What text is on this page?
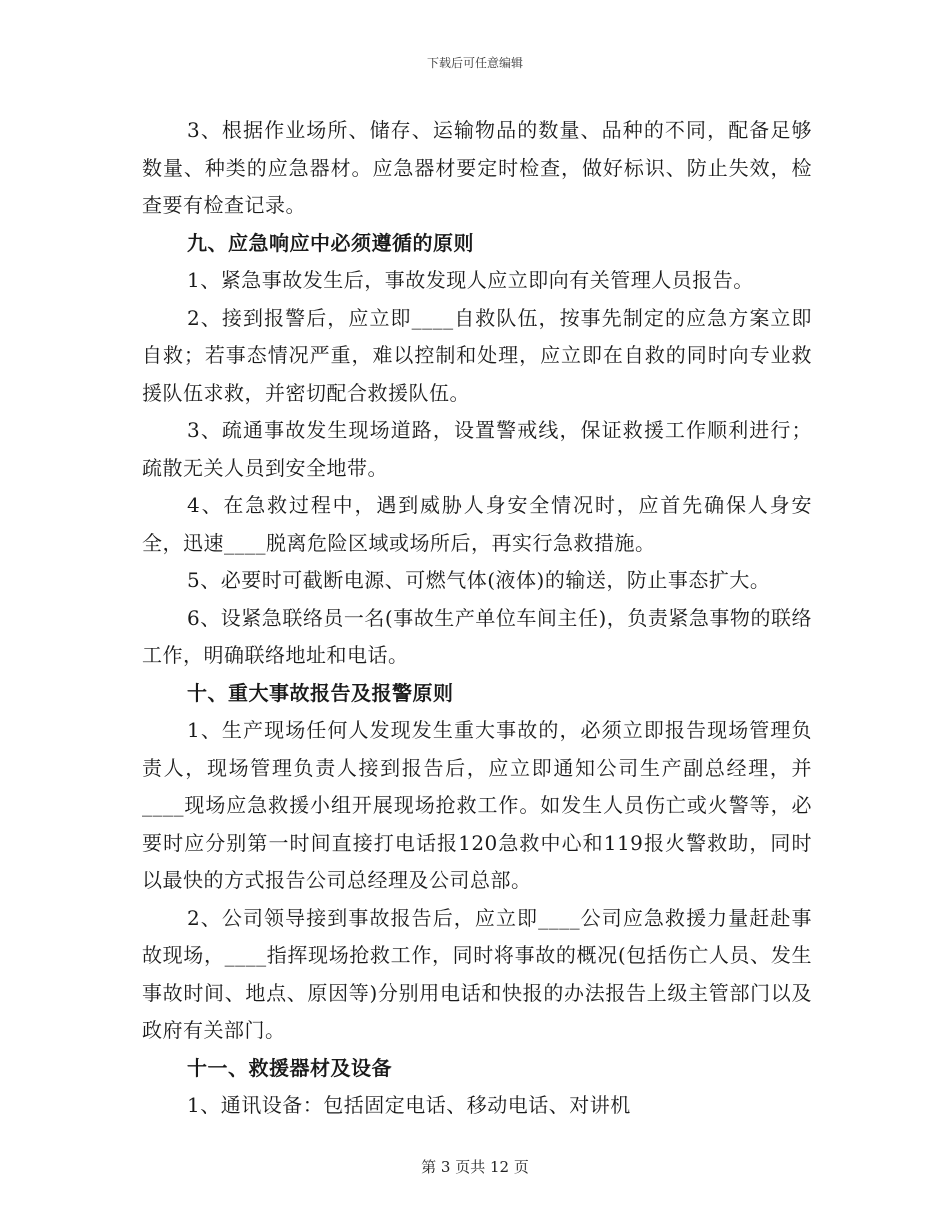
下载后可任意编辑

3、根据作业场所、储存、运输物品的数量、品种的不同，配备足够数量、种类的应急器材。应急器材要定时检查，做好标识、防止失效，检查要有检查记录。

九、应急响应中必须遵循的原则

1、紧急事故发生后，事故发现人应立即向有关管理人员报告。

2、接到报警后，应立即____自救队伍，按事先制定的应急方案立即自救；若事态情况严重，难以控制和处理，应立即在自救的同时向专业救援队伍求救，并密切配合救援队伍。

3、疏通事故发生现场道路，设置警戒线，保证救援工作顺利进行；疏散无关人员到安全地带。

4、在急救过程中，遇到威胁人身安全情况时，应首先确保人身安全，迅速____脱离危险区域或场所后，再实行急救措施。

5、必要时可截断电源、可燃气体(液体)的输送，防止事态扩大。

6、设紧急联络员一名(事故生产单位车间主任)，负责紧急事物的联络工作，明确联络地址和电话。

十、重大事故报告及报警原则

1、生产现场任何人发现发生重大事故的，必须立即报告现场管理负责人，现场管理负责人接到报告后，应立即通知公司生产副总经理，并____现场应急救援小组开展现场抢救工作。如发生人员伤亡或火警等，必要时应分别第一时间直接打电话报120急救中心和119报火警救助，同时以最快的方式报告公司总经理及公司总部。

2、公司领导接到事故报告后，应立即____公司应急救援力量赶赴事故现场，____指挥现场抢救工作，同时将事故的概况(包括伤亡人员、发生事故时间、地点、原因等)分别用电话和快报的办法报告上级主管部门以及政府有关部门。

十一、救援器材及设备

1、通讯设备：包括固定电话、移动电话、对讲机

第 3 页共 12 页
